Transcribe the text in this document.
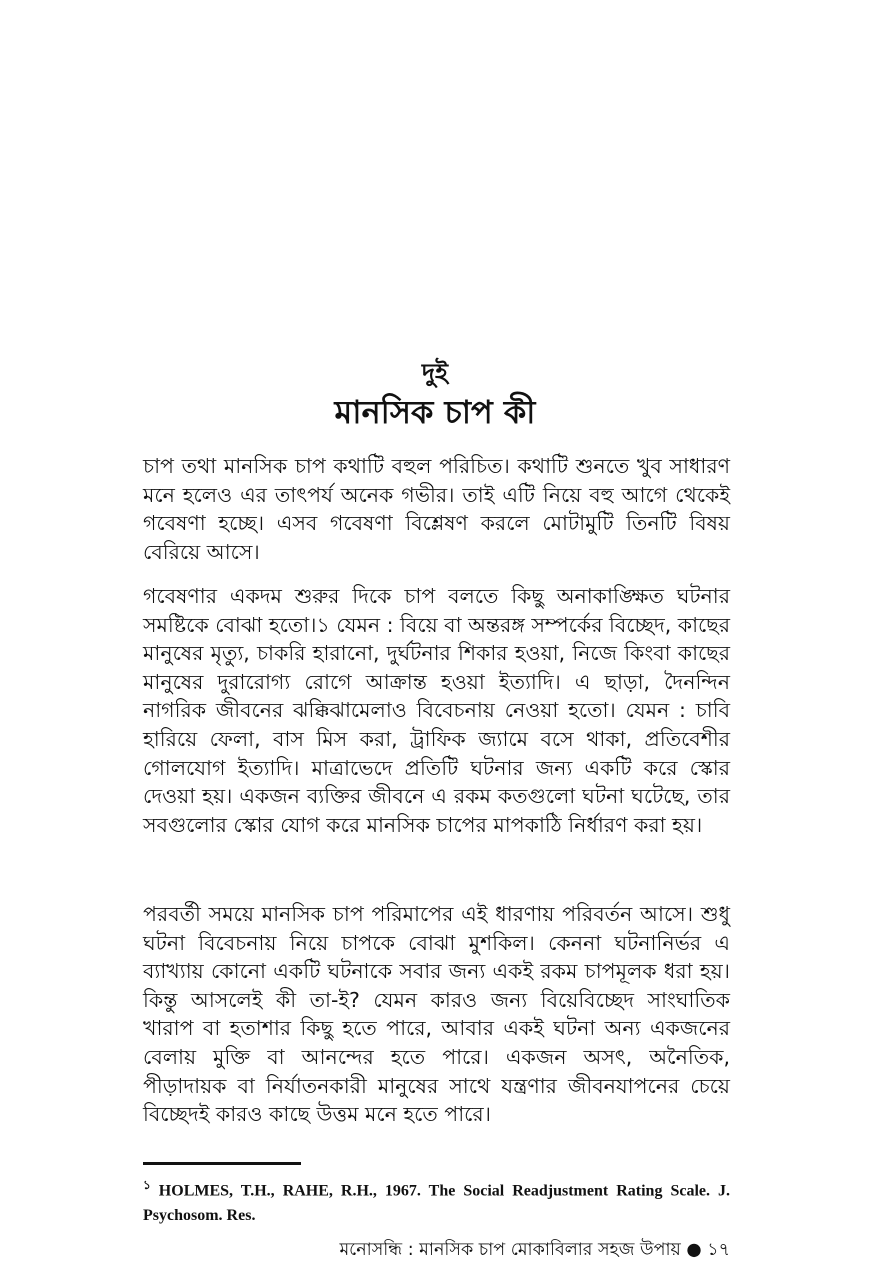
দুই
মানসিক চাপ কী

চাপ তথা মানসিক চাপ কথাটি বহুল পরিচিত। কথাটি শুনতে খুব সাধারণ মনে হলেও এর তাৎপর্য অনেক গভীর। তাই এটি নিয়ে বহু আগে থেকেই গবেষণা হচ্ছে। এসব গবেষণা বিশ্লেষণ করলে মোটামুটি তিনটি বিষয় বেরিয়ে আসে।

গবেষণার একদম শুরুর দিকে চাপ বলতে কিছু অনাকাঙ্ক্ষিত ঘটনার সমষ্টিকে বোঝা হতো।১ যেমন : বিয়ে বা অন্তরঙ্গ সম্পর্কের বিচ্ছেদ, কাছের মানুষের মৃত্যু, চাকরি হারানো, দুর্ঘটনার শিকার হওয়া, নিজে কিংবা কাছের মানুষের দুরারোগ্য রোগে আক্রান্ত হওয়া ইত্যাদি। এ ছাড়া, দৈনন্দিন নাগরিক জীবনের ঝক্কিঝামেলাও বিবেচনায় নেওয়া হতো। যেমন : চাবি হারিয়ে ফেলা, বাস মিস করা, ট্রাফিক জ্যামে বসে থাকা, প্রতিবেশীর গোলযোগ ইত্যাদি। মাত্রাভেদে প্রতিটি ঘটনার জন্য একটি করে স্কোর দেওয়া হয়। একজন ব্যক্তির জীবনে এ রকম কতগুলো ঘটনা ঘটেছে, তার সবগুলোর স্কোর যোগ করে মানসিক চাপের মাপকাঠি নির্ধারণ করা হয়।

পরবর্তী সময়ে মানসিক চাপ পরিমাপের এই ধারণায় পরিবর্তন আসে। শুধু ঘটনা বিবেচনায় নিয়ে চাপকে বোঝা মুশকিল। কেননা ঘটনানির্ভর এ ব্যাখ্যায় কোনো একটি ঘটনাকে সবার জন্য একই রকম চাপমূলক ধরা হয়। কিন্তু আসলেই কী তা-ই? যেমন কারও জন্য বিয়েবিচ্ছেদ সাংঘাতিক খারাপ বা হতাশার কিছু হতে পারে, আবার একই ঘটনা অন্য একজনের বেলায় মুক্তি বা আনন্দের হতে পারে। একজন অসৎ, অনৈতিক, পীড়াদায়ক বা নির্যাতনকারী মানুষের সাথে যন্ত্রণার জীবনযাপনের চেয়ে বিচ্ছেদই কারও কাছে উত্তম মনে হতে পারে।

$^১$ HOLMES, T.H., RAHE, R.H., 1967. The Social Readjustment Rating Scale. J. Psychosom. Res.
মনোসন্ধি : মানসিক চাপ মোকাবিলার সহজ উপায় ● ১৭
